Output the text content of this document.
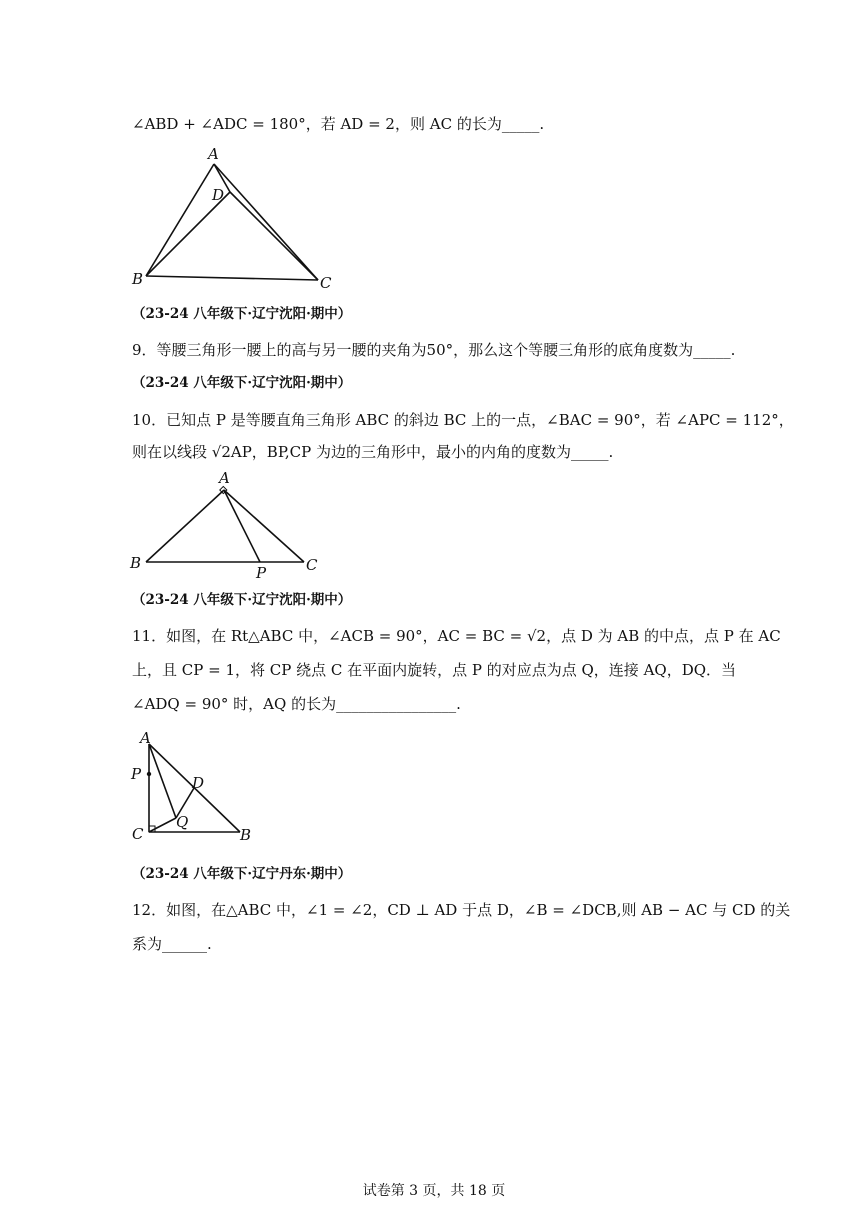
∠ABD + ∠ADC = 180°，若 AD = 2，则 AC 的长为_____.
A
D
B	C
（23-24 八年级下·辽宁沈阳·期中）
9．等腰三角形一腰上的高与另一腰的夹角为50°，那么这个等腰三角形的底角度数为_____.
（23-24 八年级下·辽宁沈阳·期中）
10．已知点 P 是等腰直角三角形 ABC 的斜边 BC 上的一点，∠BAC = 90°，若 ∠APC = 112°，
则在以线段 √2AP，BP,CP 为边的三角形中，最小的内角的度数为_____.
A
B	C
P
（23-24 八年级下·辽宁沈阳·期中）
11．如图，在 Rt△ABC 中，∠ACB = 90°，AC = BC = √2，点 D 为 AB 的中点，点 P 在 AC
上，且 CP = 1，将 CP 绕点 C 在平面内旋转，点 P 的对应点为点 Q，连接 AQ，DQ．当
∠ADQ = 90° 时，AQ 的长为________________.
A
P	D
Q
C	B
（23-24 八年级下·辽宁丹东·期中）
12．如图，在△ABC 中，∠1 = ∠2，CD ⊥ AD 于点 D，∠B = ∠DCB,则 AB − AC 与 CD 的关
系为______.
试卷第 3 页，共 18 页
